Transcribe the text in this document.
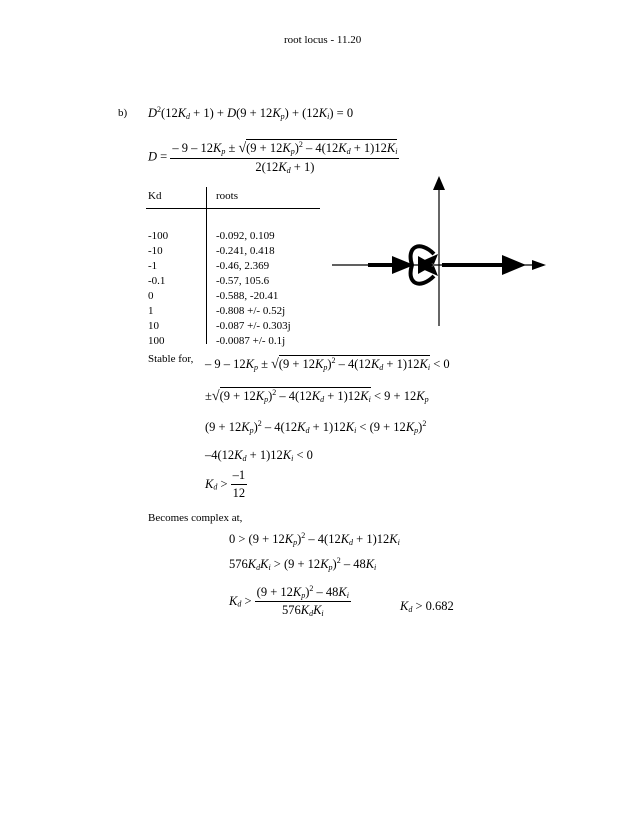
root locus - 11.20
b) $D^2(12K_d + 1) + D(9 + 12K_p) + (12K_i) = 0$
$D = \frac{- 9 - 12K_p \pm √(9 + 12K_p)^2 - 4(12K_d + 1)12K_i}{2(12K_d + 1)}$
Kd	roots
-100	-0.092, 0.109
-10	-0.241, 0.418
-1	-0.46, 2.369
-0.1	-0.57, 105.6
0	-0.588, -20.41
1	-0.808 +/- 0.52j
10	-0.087 +/- 0.303j
100	-0.0087 +/- 0.1j
Stable for, – $9 - 12K_p \pm √(9 + 12K_p)^2 - 4(12K_d + 1)12K_i < 0$
$\pm√(9 + 12K_p)^2 - 4(12K_d + 1)12K_i < 9 + 12K_p$
$(9 + 12K_p)^2 - 4(12K_d + 1)12K_i < (9 + 12K_p)^2$
$-4(12K_d + 1)12K_i < 0$
$K_d > \frac{-1}{12}$
Becomes complex at,
$0 > (9 + 12K_p)^2 - 4(12K_d + 1)12K_i$
$576K_dK_i > (9 + 12K_p)^2 - 48K_i$
$K_d > \frac{(9 + 12K_p)^2 - 48K_i}{576K_dK_i}$	$K_d > 0.682$
